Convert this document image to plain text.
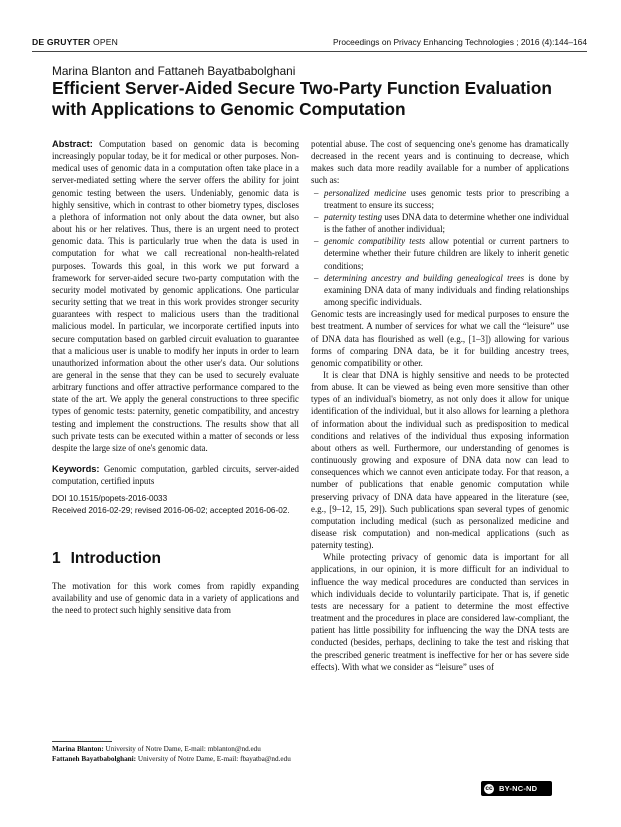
DE GRUYTER OPEN	Proceedings on Privacy Enhancing Technologies ; 2016 (4):144–164
Marina Blanton and Fattaneh Bayatbabolghani
Efficient Server-Aided Secure Two-Party Function Evaluation with Applications to Genomic Computation

Abstract: Computation based on genomic data is becoming increasingly popular today, be it for medical or other purposes. Non-medical uses of genomic data in a computation often take place in a server-mediated setting where the server offers the ability for joint genomic testing between the users. Undeniably, genomic data is highly sensitive, which in contrast to other biometry types, discloses a plethora of information not only about the data owner, but also about his or her relatives. Thus, there is an urgent need to protect genomic data. This is particularly true when the data is used in computation for what we call recreational non-health-related purposes. Towards this goal, in this work we put forward a framework for server-aided secure two-party computation with the security model motivated by genomic applications. One particular security setting that we treat in this work provides stronger security guarantees with respect to malicious users than the traditional malicious model. In particular, we incorporate certified inputs into secure computation based on garbled circuit evaluation to guarantee that a malicious user is unable to modify her inputs in order to learn unauthorized information about the other user's data. Our solutions are general in the sense that they can be used to securely evaluate arbitrary functions and offer attractive performance compared to the state of the art. We apply the general constructions to three specific types of genomic tests: paternity, genetic compatibility, and ancestry testing and implement the constructions. The results show that all such private tests can be executed within a matter of seconds or less despite the large size of one's genomic data.

Keywords: Genomic computation, garbled circuits, server-aided computation, certified inputs

DOI 10.1515/popets-2016-0033
Received 2016-02-29; revised 2016-06-02; accepted 2016-06-02.
1 Introduction

The motivation for this work comes from rapidly expanding availability and use of genomic data in a variety of applications and the need to protect such highly sensitive data from

Marina Blanton: University of Notre Dame, E-mail: mblanton@nd.edu
Fattaneh Bayatbabolghani: University of Notre Dame, E-mail: fbayatba@nd.edu

potential abuse. The cost of sequencing one's genome has dramatically decreased in the recent years and is continuing to decrease, which makes such data more readily available for a number of applications such as:

– personalized medicine uses genomic tests prior to prescribing a treatment to ensure its success;
– paternity testing uses DNA data to determine whether one individual is the father of another individual;
– genomic compatibility tests allow potential or current partners to determine whether their future children are likely to inherit genetic conditions;
– determining ancestry and building genealogical trees is done by examining DNA data of many individuals and finding relationships among specific individuals.

Genomic tests are increasingly used for medical purposes to ensure the best treatment. A number of services for what we call the “leisure” use of DNA data has flourished as well (e.g., [1–3]) allowing for various forms of comparing DNA data, be it for building ancestry trees, genomic compatibility or other.

It is clear that DNA is highly sensitive and needs to be protected from abuse. It can be viewed as being even more sensitive than other types of an individual's biometry, as not only does it allow for unique identification of the individual, but it also allows for learning a plethora of information about the individual such as predisposition to medical conditions and relatives of the individual thus exposing information about others as well. Furthermore, our understanding of genomes is continuously growing and exposure of DNA data now can lead to consequences which we cannot even anticipate today. For that reason, a number of publications that enable genomic computation while preserving privacy of DNA data have appeared in the literature (see, e.g., [9–12, 15, 29]). Such publications span several types of genomic computation including medical (such as personalized medicine and disease risk computation) and non-medical applications (such as paternity testing).

While protecting privacy of genomic data is important for all applications, in our opinion, it is more difficult for an individual to influence the way medical procedures are conducted than services in which individuals decide to voluntarily participate. That is, if genetic tests are necessary for a patient to determine the most effective treatment and the procedures in place are considered law-compliant, the patient has little possibility for influencing the way the DNA tests are conducted (besides, perhaps, declining to take the test and risking that the prescribed generic treatment is ineffective for her or has severe side effects). With what we consider as “leisure” uses of

cc BY-NC-ND
